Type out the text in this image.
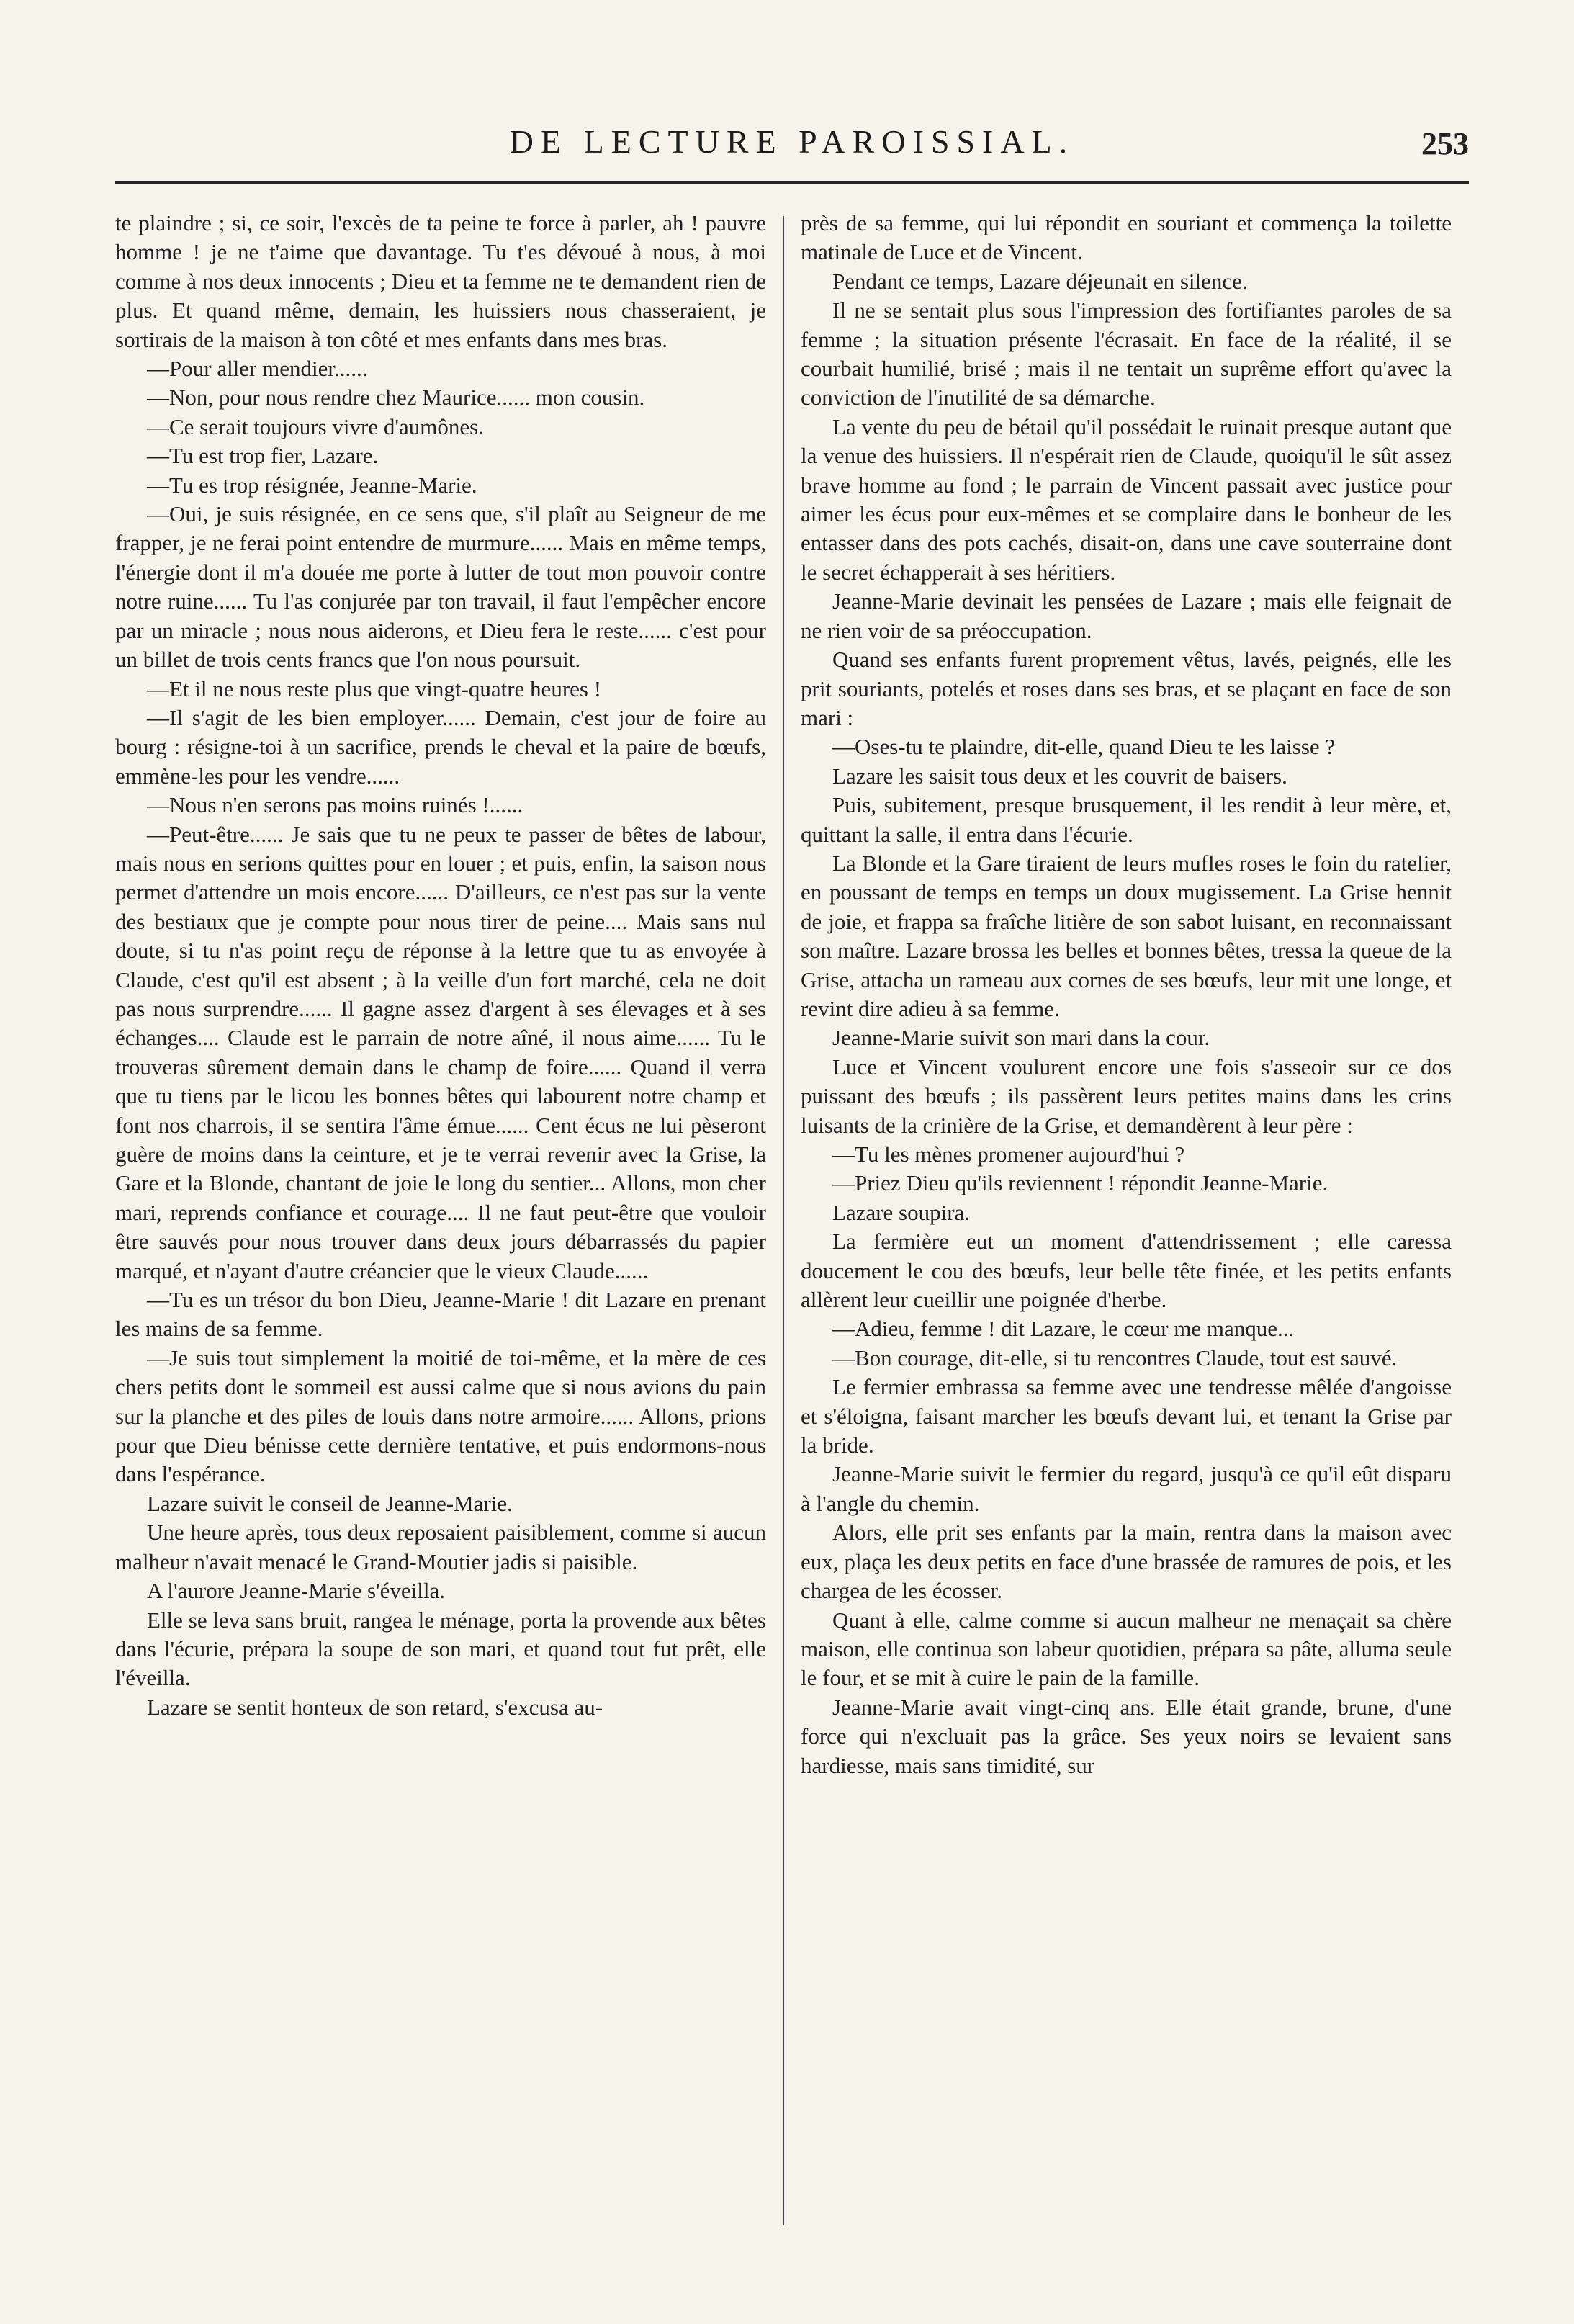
DE LECTURE PAROISSIAL.	253

te plaindre ; si, ce soir, l'excès de ta peine te force à parler, ah ! pauvre homme ! je ne t'aime que davantage. Tu t'es dévoué à nous, à moi comme à nos deux innocents ; Dieu et ta femme ne te demandent rien de plus. Et quand même, demain, les huissiers nous chasseraient, je sortirais de la maison à ton côté et mes enfants dans mes bras.

—Pour aller mendier......

—Non, pour nous rendre chez Maurice...... mon cousin.

—Ce serait toujours vivre d'aumônes.

—Tu est trop fier, Lazare.

—Tu es trop résignée, Jeanne-Marie.

—Oui, je suis résignée, en ce sens que, s'il plaît au Seigneur de me frapper, je ne ferai point entendre de murmure...... Mais en même temps, l'énergie dont il m'a douée me porte à lutter de tout mon pouvoir contre notre ruine...... Tu l'as conjurée par ton travail, il faut l'empêcher encore par un miracle ; nous nous aiderons, et Dieu fera le reste...... c'est pour un billet de trois cents francs que l'on nous poursuit.

—Et il ne nous reste plus que vingt-quatre heures !

—Il s'agit de les bien employer...... Demain, c'est jour de foire au bourg : résigne-toi à un sacrifice, prends le cheval et la paire de bœufs, emmène-les pour les vendre......

—Nous n'en serons pas moins ruinés !......

—Peut-être...... Je sais que tu ne peux te passer de bêtes de labour, mais nous en serions quittes pour en louer ; et puis, enfin, la saison nous permet d'attendre un mois encore...... D'ailleurs, ce n'est pas sur la vente des bestiaux que je compte pour nous tirer de peine.... Mais sans nul doute, si tu n'as point reçu de réponse à la lettre que tu as envoyée à Claude, c'est qu'il est absent ; à la veille d'un fort marché, cela ne doit pas nous surprendre...... Il gagne assez d'argent à ses élevages et à ses échanges.... Claude est le parrain de notre aîné, il nous aime...... Tu le trouveras sûrement demain dans le champ de foire...... Quand il verra que tu tiens par le licou les bonnes bêtes qui labourent notre champ et font nos charrois, il se sentira l'âme émue...... Cent écus ne lui pèseront guère de moins dans la ceinture, et je te verrai revenir avec la Grise, la Gare et la Blonde, chantant de joie le long du sentier... Allons, mon cher mari, reprends confiance et courage.... Il ne faut peut-être que vouloir être sauvés pour nous trouver dans deux jours débarrassés du papier marqué, et n'ayant d'autre créancier que le vieux Claude......

—Tu es un trésor du bon Dieu, Jeanne-Marie ! dit Lazare en prenant les mains de sa femme.

—Je suis tout simplement la moitié de toi-même, et la mère de ces chers petits dont le sommeil est aussi calme que si nous avions du pain sur la planche et des piles de louis dans notre armoire...... Allons, prions pour que Dieu bénisse cette dernière tentative, et puis endormons-nous dans l'espérance.

Lazare suivit le conseil de Jeanne-Marie.

Une heure après, tous deux reposaient paisiblement, comme si aucun malheur n'avait menacé le Grand-Moutier jadis si paisible.

A l'aurore Jeanne-Marie s'éveilla.

Elle se leva sans bruit, rangea le ménage, porta la provende aux bêtes dans l'écurie, prépara la soupe de son mari, et quand tout fut prêt, elle l'éveilla.

Lazare se sentit honteux de son retard, s'excusa au-

près de sa femme, qui lui répondit en souriant et commença la toilette matinale de Luce et de Vincent.

Pendant ce temps, Lazare déjeunait en silence.

Il ne se sentait plus sous l'impression des fortifiantes paroles de sa femme ; la situation présente l'écrasait. En face de la réalité, il se courbait humilié, brisé ; mais il ne tentait un suprême effort qu'avec la conviction de l'inutilité de sa démarche.

La vente du peu de bétail qu'il possédait le ruinait presque autant que la venue des huissiers. Il n'espérait rien de Claude, quoiqu'il le sût assez brave homme au fond ; le parrain de Vincent passait avec justice pour aimer les écus pour eux-mêmes et se complaire dans le bonheur de les entasser dans des pots cachés, disait-on, dans une cave souterraine dont le secret échapperait à ses héritiers.

Jeanne-Marie devinait les pensées de Lazare ; mais elle feignait de ne rien voir de sa préoccupation.

Quand ses enfants furent proprement vêtus, lavés, peignés, elle les prit souriants, potelés et roses dans ses bras, et se plaçant en face de son mari :

—Oses-tu te plaindre, dit-elle, quand Dieu te les laisse ?

Lazare les saisit tous deux et les couvrit de baisers.

Puis, subitement, presque brusquement, il les rendit à leur mère, et, quittant la salle, il entra dans l'écurie.

La Blonde et la Gare tiraient de leurs mufles roses le foin du ratelier, en poussant de temps en temps un doux mugissement. La Grise hennit de joie, et frappa sa fraîche litière de son sabot luisant, en reconnaissant son maître. Lazare brossa les belles et bonnes bêtes, tressa la queue de la Grise, attacha un rameau aux cornes de ses bœufs, leur mit une longe, et revint dire adieu à sa femme.

Jeanne-Marie suivit son mari dans la cour.

Luce et Vincent voulurent encore une fois s'asseoir sur ce dos puissant des bœufs ; ils passèrent leurs petites mains dans les crins luisants de la crinière de la Grise, et demandèrent à leur père :

—Tu les mènes promener aujourd'hui ?

—Priez Dieu qu'ils reviennent ! répondit Jeanne-Marie.

Lazare soupira.

La fermière eut un moment d'attendrissement ; elle caressa doucement le cou des bœufs, leur belle tête finée, et les petits enfants allèrent leur cueillir une poignée d'herbe.

—Adieu, femme ! dit Lazare, le cœur me manque...

—Bon courage, dit-elle, si tu rencontres Claude, tout est sauvé.

Le fermier embrassa sa femme avec une tendresse mêlée d'angoisse et s'éloigna, faisant marcher les bœufs devant lui, et tenant la Grise par la bride.

Jeanne-Marie suivit le fermier du regard, jusqu'à ce qu'il eût disparu à l'angle du chemin.

Alors, elle prit ses enfants par la main, rentra dans la maison avec eux, plaça les deux petits en face d'une brassée de ramures de pois, et les chargea de les écosser.

Quant à elle, calme comme si aucun malheur ne menaçait sa chère maison, elle continua son labeur quotidien, prépara sa pâte, alluma seule le four, et se mit à cuire le pain de la famille.

Jeanne-Marie avait vingt-cinq ans. Elle était grande, brune, d'une force qui n'excluait pas la grâce. Ses yeux noirs se levaient sans hardiesse, mais sans timidité, sur
